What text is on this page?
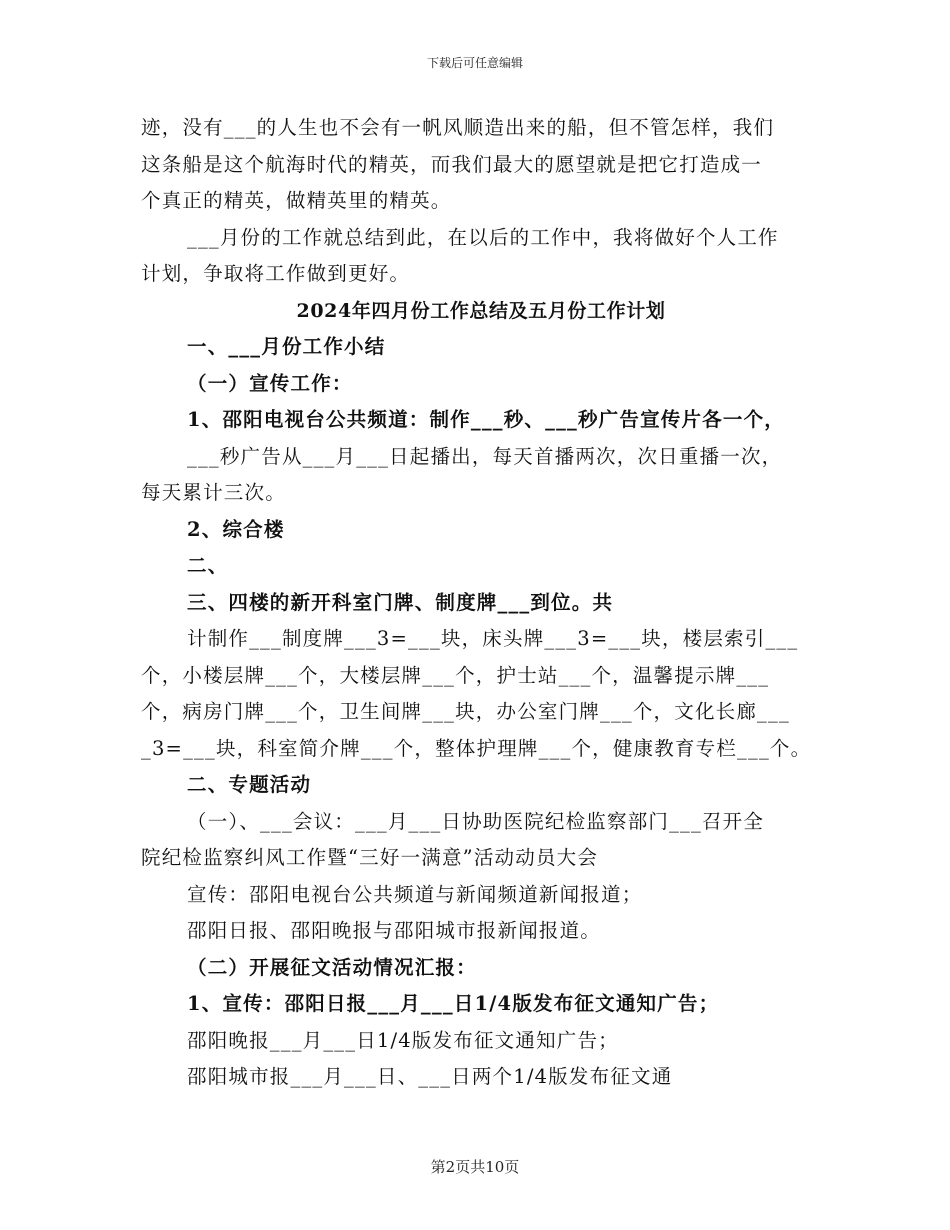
下载后可任意编辑
迹，没有___的人生也不会有一帆风顺造出来的船，但不管怎样，我们
这条船是这个航海时代的精英，而我们最大的愿望就是把它打造成一
个真正的精英，做精英里的精英。
___月份的工作就总结到此，在以后的工作中，我将做好个人工作
计划，争取将工作做到更好。
2024年四月份工作总结及五月份工作计划
一、___月份工作小结
（一）宣传工作：
1、邵阳电视台公共频道：制作___秒、___秒广告宣传片各一个，
___秒广告从___月___日起播出，每天首播两次，次日重播一次，
每天累计三次。
2、综合楼
二、
三、四楼的新开科室门牌、制度牌___到位。共
计制作___制度牌___3=___块，床头牌___3=___块，楼层索引___
个，小楼层牌___个，大楼层牌___个，护士站___个，温馨提示牌___
个，病房门牌___个，卫生间牌___块，办公室门牌___个，文化长廊___
_3=___块，科室简介牌___个，整体护理牌___个，健康教育专栏___个。
二、专题活动
（一）、___会议：___月___日协助医院纪检监察部门___召开全
院纪检监察纠风工作暨“三好一满意”活动动员大会
宣传：邵阳电视台公共频道与新闻频道新闻报道；
邵阳日报、邵阳晚报与邵阳城市报新闻报道。
（二）开展征文活动情况汇报：
1、宣传：邵阳日报___月___日1/4版发布征文通知广告；
邵阳晚报___月___日1/4版发布征文通知广告；
邵阳城市报___月___日、___日两个1/4版发布征文通
第2页共10页
